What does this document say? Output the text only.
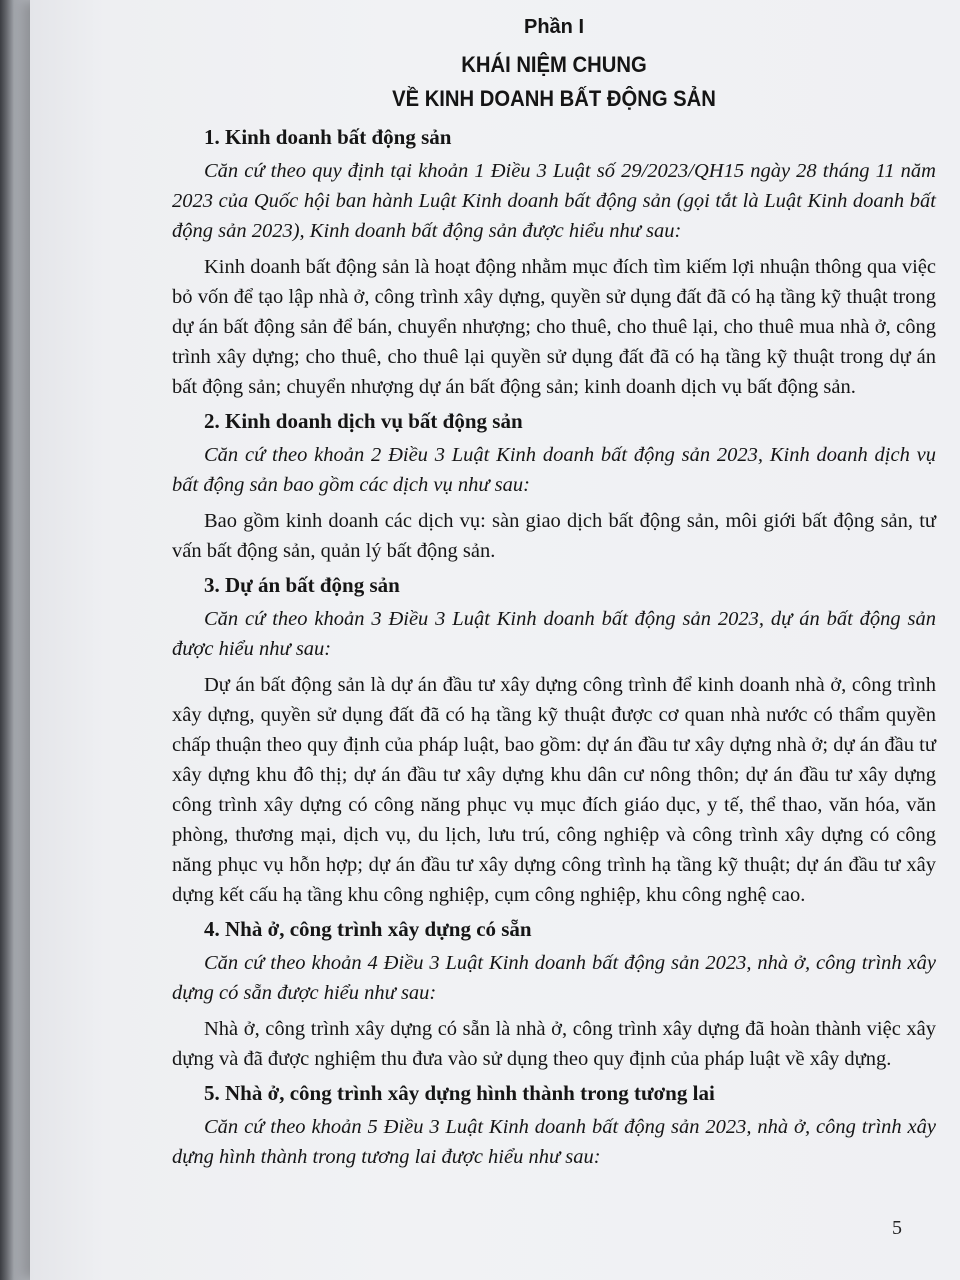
Phần I
KHÁI NIỆM CHUNG
VỀ KINH DOANH BẤT ĐỘNG SẢN
1. Kinh doanh bất động sản

Căn cứ theo quy định tại khoản 1 Điều 3 Luật số 29/2023/QH15 ngày 28 tháng 11 năm 2023 của Quốc hội ban hành Luật Kinh doanh bất động sản (gọi tắt là Luật Kinh doanh bất động sản 2023), Kinh doanh bất động sản được hiểu như sau:

Kinh doanh bất động sản là hoạt động nhằm mục đích tìm kiếm lợi nhuận thông qua việc bỏ vốn để tạo lập nhà ở, công trình xây dựng, quyền sử dụng đất đã có hạ tầng kỹ thuật trong dự án bất động sản để bán, chuyển nhượng; cho thuê, cho thuê lại, cho thuê mua nhà ở, công trình xây dựng; cho thuê, cho thuê lại quyền sử dụng đất đã có hạ tầng kỹ thuật trong dự án bất động sản; chuyển nhượng dự án bất động sản; kinh doanh dịch vụ bất động sản.

2. Kinh doanh dịch vụ bất động sản

Căn cứ theo khoản 2 Điều 3 Luật Kinh doanh bất động sản 2023, Kinh doanh dịch vụ bất động sản bao gồm các dịch vụ như sau:

Bao gồm kinh doanh các dịch vụ: sàn giao dịch bất động sản, môi giới bất động sản, tư vấn bất động sản, quản lý bất động sản.

3. Dự án bất động sản

Căn cứ theo khoản 3 Điều 3 Luật Kinh doanh bất động sản 2023, dự án bất động sản được hiểu như sau:

Dự án bất động sản là dự án đầu tư xây dựng công trình để kinh doanh nhà ở, công trình xây dựng, quyền sử dụng đất đã có hạ tầng kỹ thuật được cơ quan nhà nước có thẩm quyền chấp thuận theo quy định của pháp luật, bao gồm: dự án đầu tư xây dựng nhà ở; dự án đầu tư xây dựng khu đô thị; dự án đầu tư xây dựng khu dân cư nông thôn; dự án đầu tư xây dựng công trình xây dựng có công năng phục vụ mục đích giáo dục, y tế, thể thao, văn hóa, văn phòng, thương mại, dịch vụ, du lịch, lưu trú, công nghiệp và công trình xây dựng có công năng phục vụ hỗn hợp; dự án đầu tư xây dựng công trình hạ tầng kỹ thuật; dự án đầu tư xây dựng kết cấu hạ tầng khu công nghiệp, cụm công nghiệp, khu công nghệ cao.

4. Nhà ở, công trình xây dựng có sẵn

Căn cứ theo khoản 4 Điều 3 Luật Kinh doanh bất động sản 2023, nhà ở, công trình xây dựng có sẵn được hiểu như sau:

Nhà ở, công trình xây dựng có sẵn là nhà ở, công trình xây dựng đã hoàn thành việc xây dựng và đã được nghiệm thu đưa vào sử dụng theo quy định của pháp luật về xây dựng.

5. Nhà ở, công trình xây dựng hình thành trong tương lai

Căn cứ theo khoản 5 Điều 3 Luật Kinh doanh bất động sản 2023, nhà ở, công trình xây dựng hình thành trong tương lai được hiểu như sau:

5
